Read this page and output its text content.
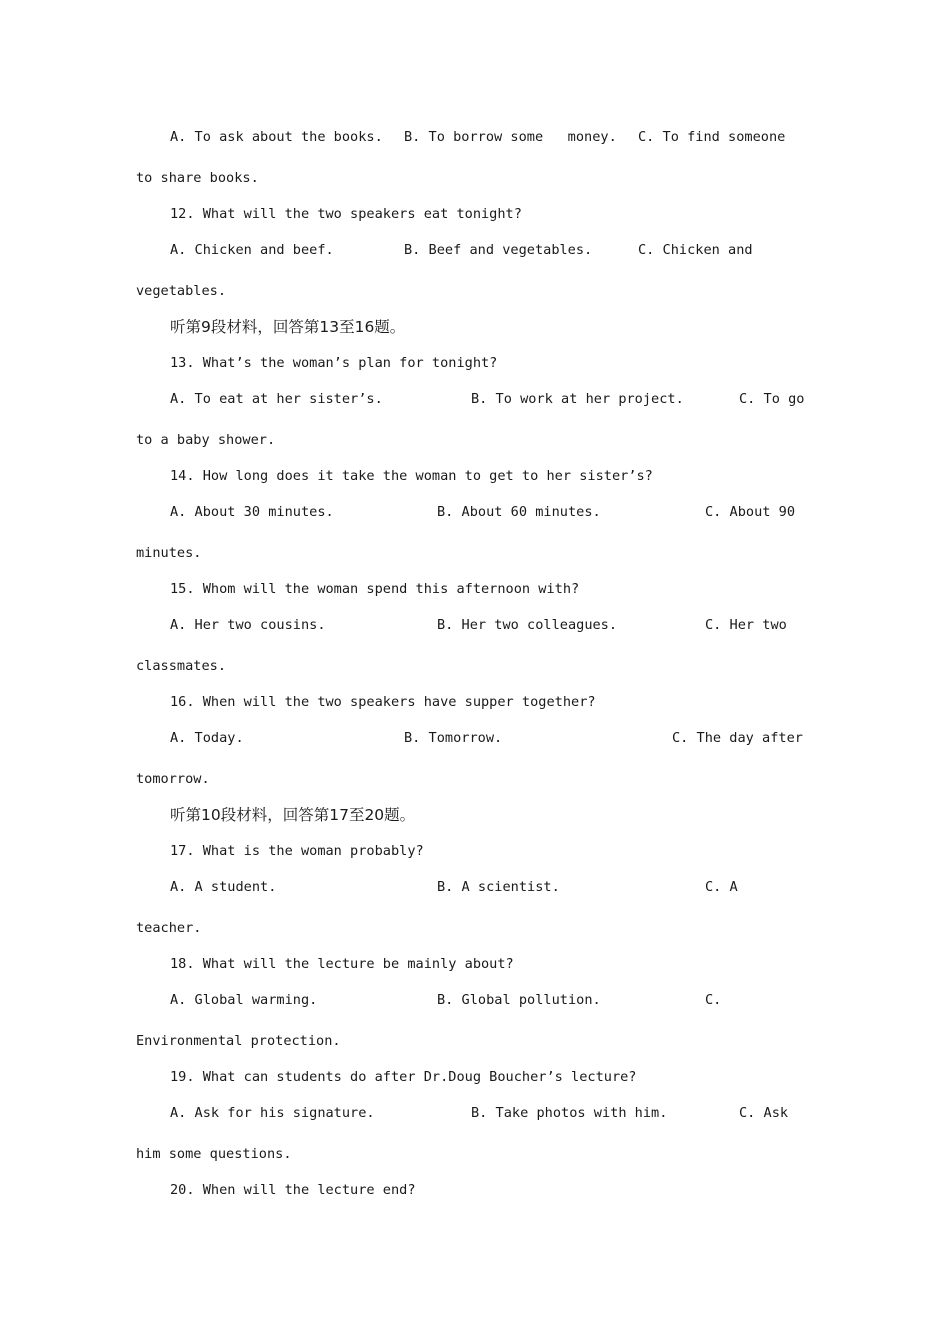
A. To ask about the books. B. To borrow some   money. C. To find someone
to share books.
12. What will the two speakers eat tonight?
A. Chicken and beef.	B. Beef and vegetables.	C. Chicken and
vegetables.
听第9段材料，回答第13至16题。
13. What’s the woman’s plan for tonight?
A. To eat at her sister’s.	B. To work at her project.	C. To go
to a baby shower.
14. How long does it take the woman to get to her sister’s?
A. About 30 minutes.	B. About 60 minutes.	C. About 90
minutes.
15. Whom will the woman spend this afternoon with?
A. Her two cousins.	B. Her two colleagues.	C. Her two
classmates.
16. When will the two speakers have supper together?
A. Today.	B. Tomorrow.	C. The day after
tomorrow.
听第10段材料，回答第17至20题。
17. What is the woman probably?
A. A student.	B. A scientist.	C. A
teacher.
18. What will the lecture be mainly about?
A. Global warming.	B. Global pollution.	C.
Environmental protection.
19. What can students do after Dr.Doug Boucher’s lecture?
A. Ask for his signature.	B. Take photos with him.	C. Ask
him some questions.
20. When will the lecture end?
